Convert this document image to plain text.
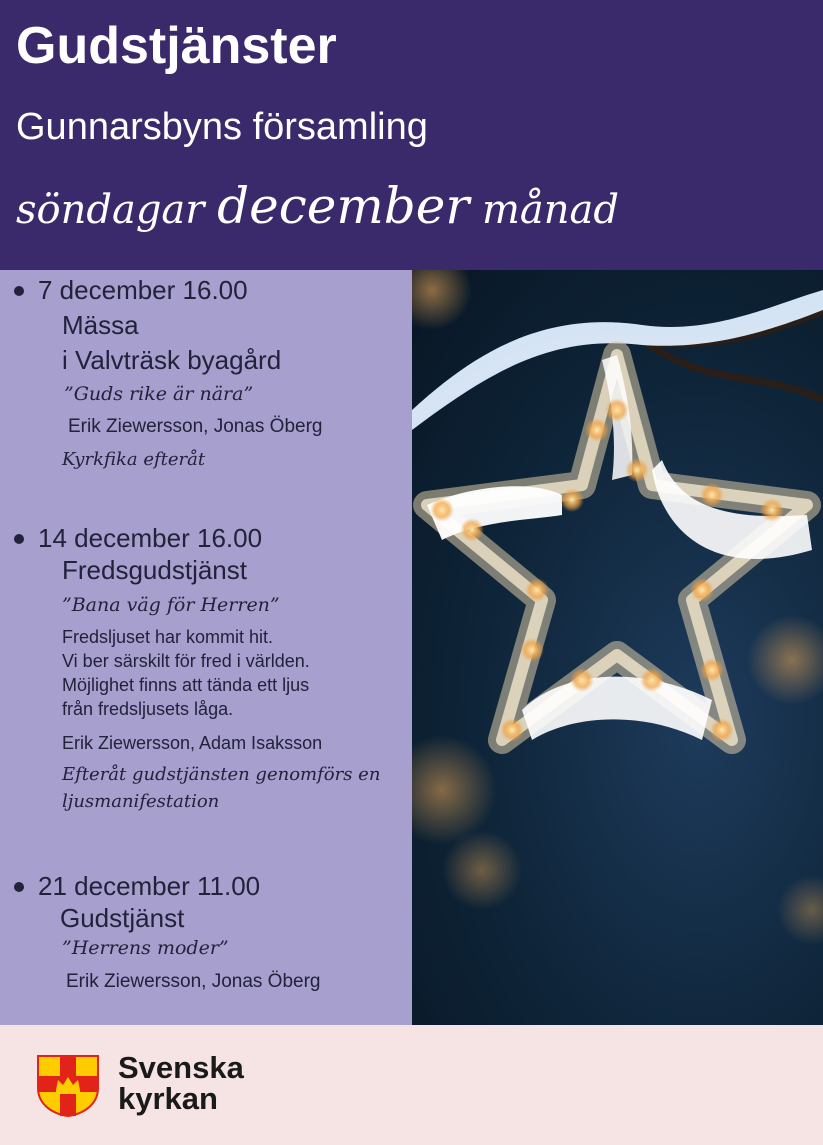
Gudstjänster
Gunnarsbyns församling
söndagar december månad
7 december 16.00
Mässa
i Valvträsk byagård
”Guds rike är nära”
Erik Ziewersson, Jonas Öberg
Kyrkfika efteråt
14 december 16.00
Fredsgudstjänst
”Bana väg för Herren”
Fredsljuset har kommit hit.
Vi ber särskilt för fred i världen.
Möjlighet finns att tända ett ljus
från fredsljusets låga.
Erik Ziewersson, Adam Isaksson
Efteråt gudstjänsten genomförs en
ljusmanifestation
21 december 11.00
Gudstjänst
”Herrens moder”
Erik Ziewersson, Jonas Öberg
Svenska
kyrkan
